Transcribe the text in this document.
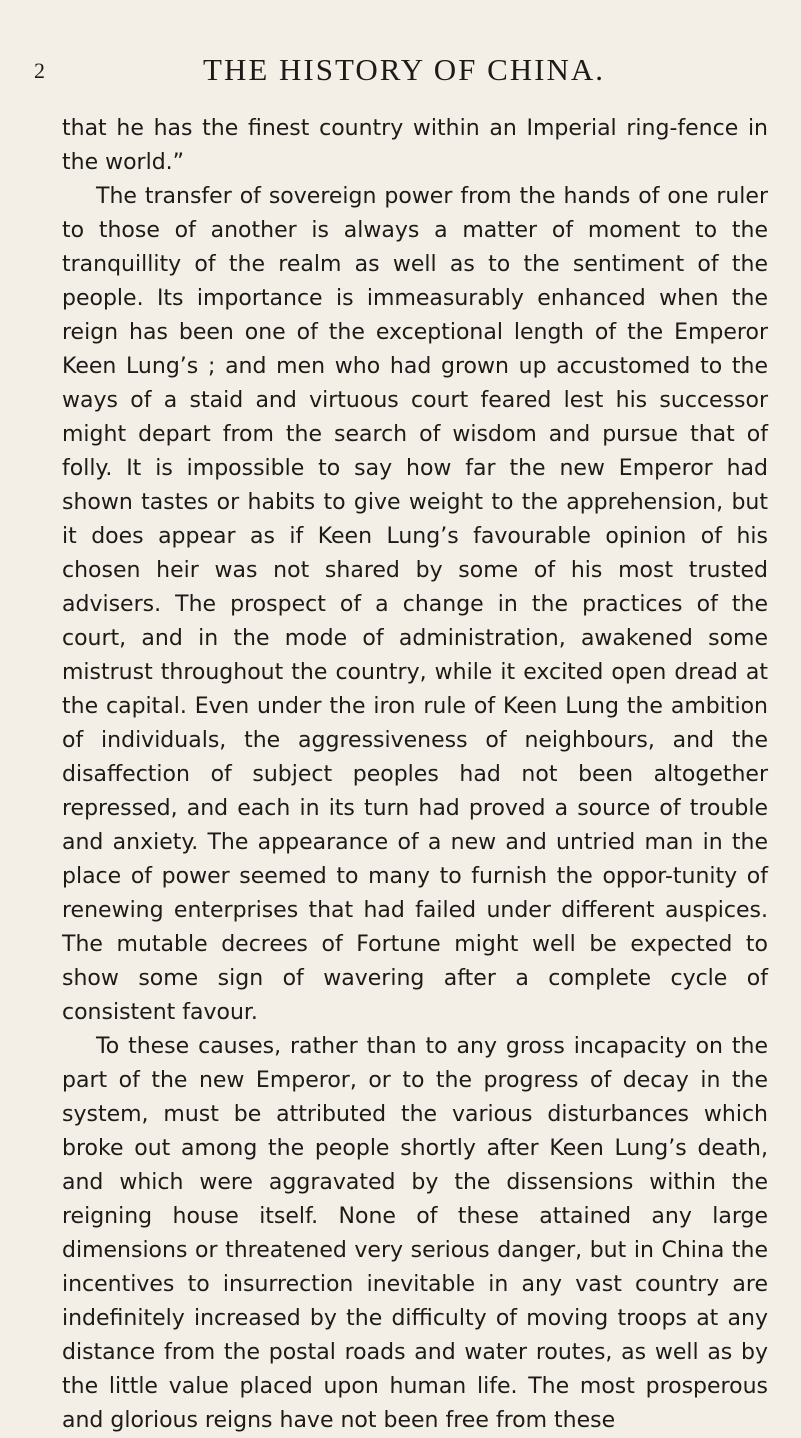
2	THE HISTORY OF CHINA.

that he has the finest country within an Imperial ring-fence in the world.”

The transfer of sovereign power from the hands of one ruler to those of another is always a matter of moment to the tranquillity of the realm as well as to the sentiment of the people. Its importance is immeasurably enhanced when the reign has been one of the exceptional length of the Emperor Keen Lung’s ; and men who had grown up accustomed to the ways of a staid and virtuous court feared lest his successor might depart from the search of wisdom and pursue that of folly. It is impossible to say how far the new Emperor had shown tastes or habits to give weight to the apprehension, but it does appear as if Keen Lung’s favourable opinion of his chosen heir was not shared by some of his most trusted advisers. The prospect of a change in the practices of the court, and in the mode of administration, awakened some mistrust throughout the country, while it excited open dread at the capital. Even under the iron rule of Keen Lung the ambition of individuals, the aggressiveness of neighbours, and the disaffection of subject peoples had not been altogether repressed, and each in its turn had proved a source of trouble and anxiety. The appearance of a new and untried man in the place of power seemed to many to furnish the oppor-tunity of renewing enterprises that had failed under different auspices. The mutable decrees of Fortune might well be expected to show some sign of wavering after a complete cycle of consistent favour.

To these causes, rather than to any gross incapacity on the part of the new Emperor, or to the progress of decay in the system, must be attributed the various disturbances which broke out among the people shortly after Keen Lung’s death, and which were aggravated by the dissensions within the reigning house itself. None of these attained any large dimensions or threatened very serious danger, but in China the incentives to insurrection inevitable in any vast country are indefinitely increased by the difficulty of moving troops at any distance from the postal roads and water routes, as well as by the little value placed upon human life. The most prosperous and glorious reigns have not been free from these
